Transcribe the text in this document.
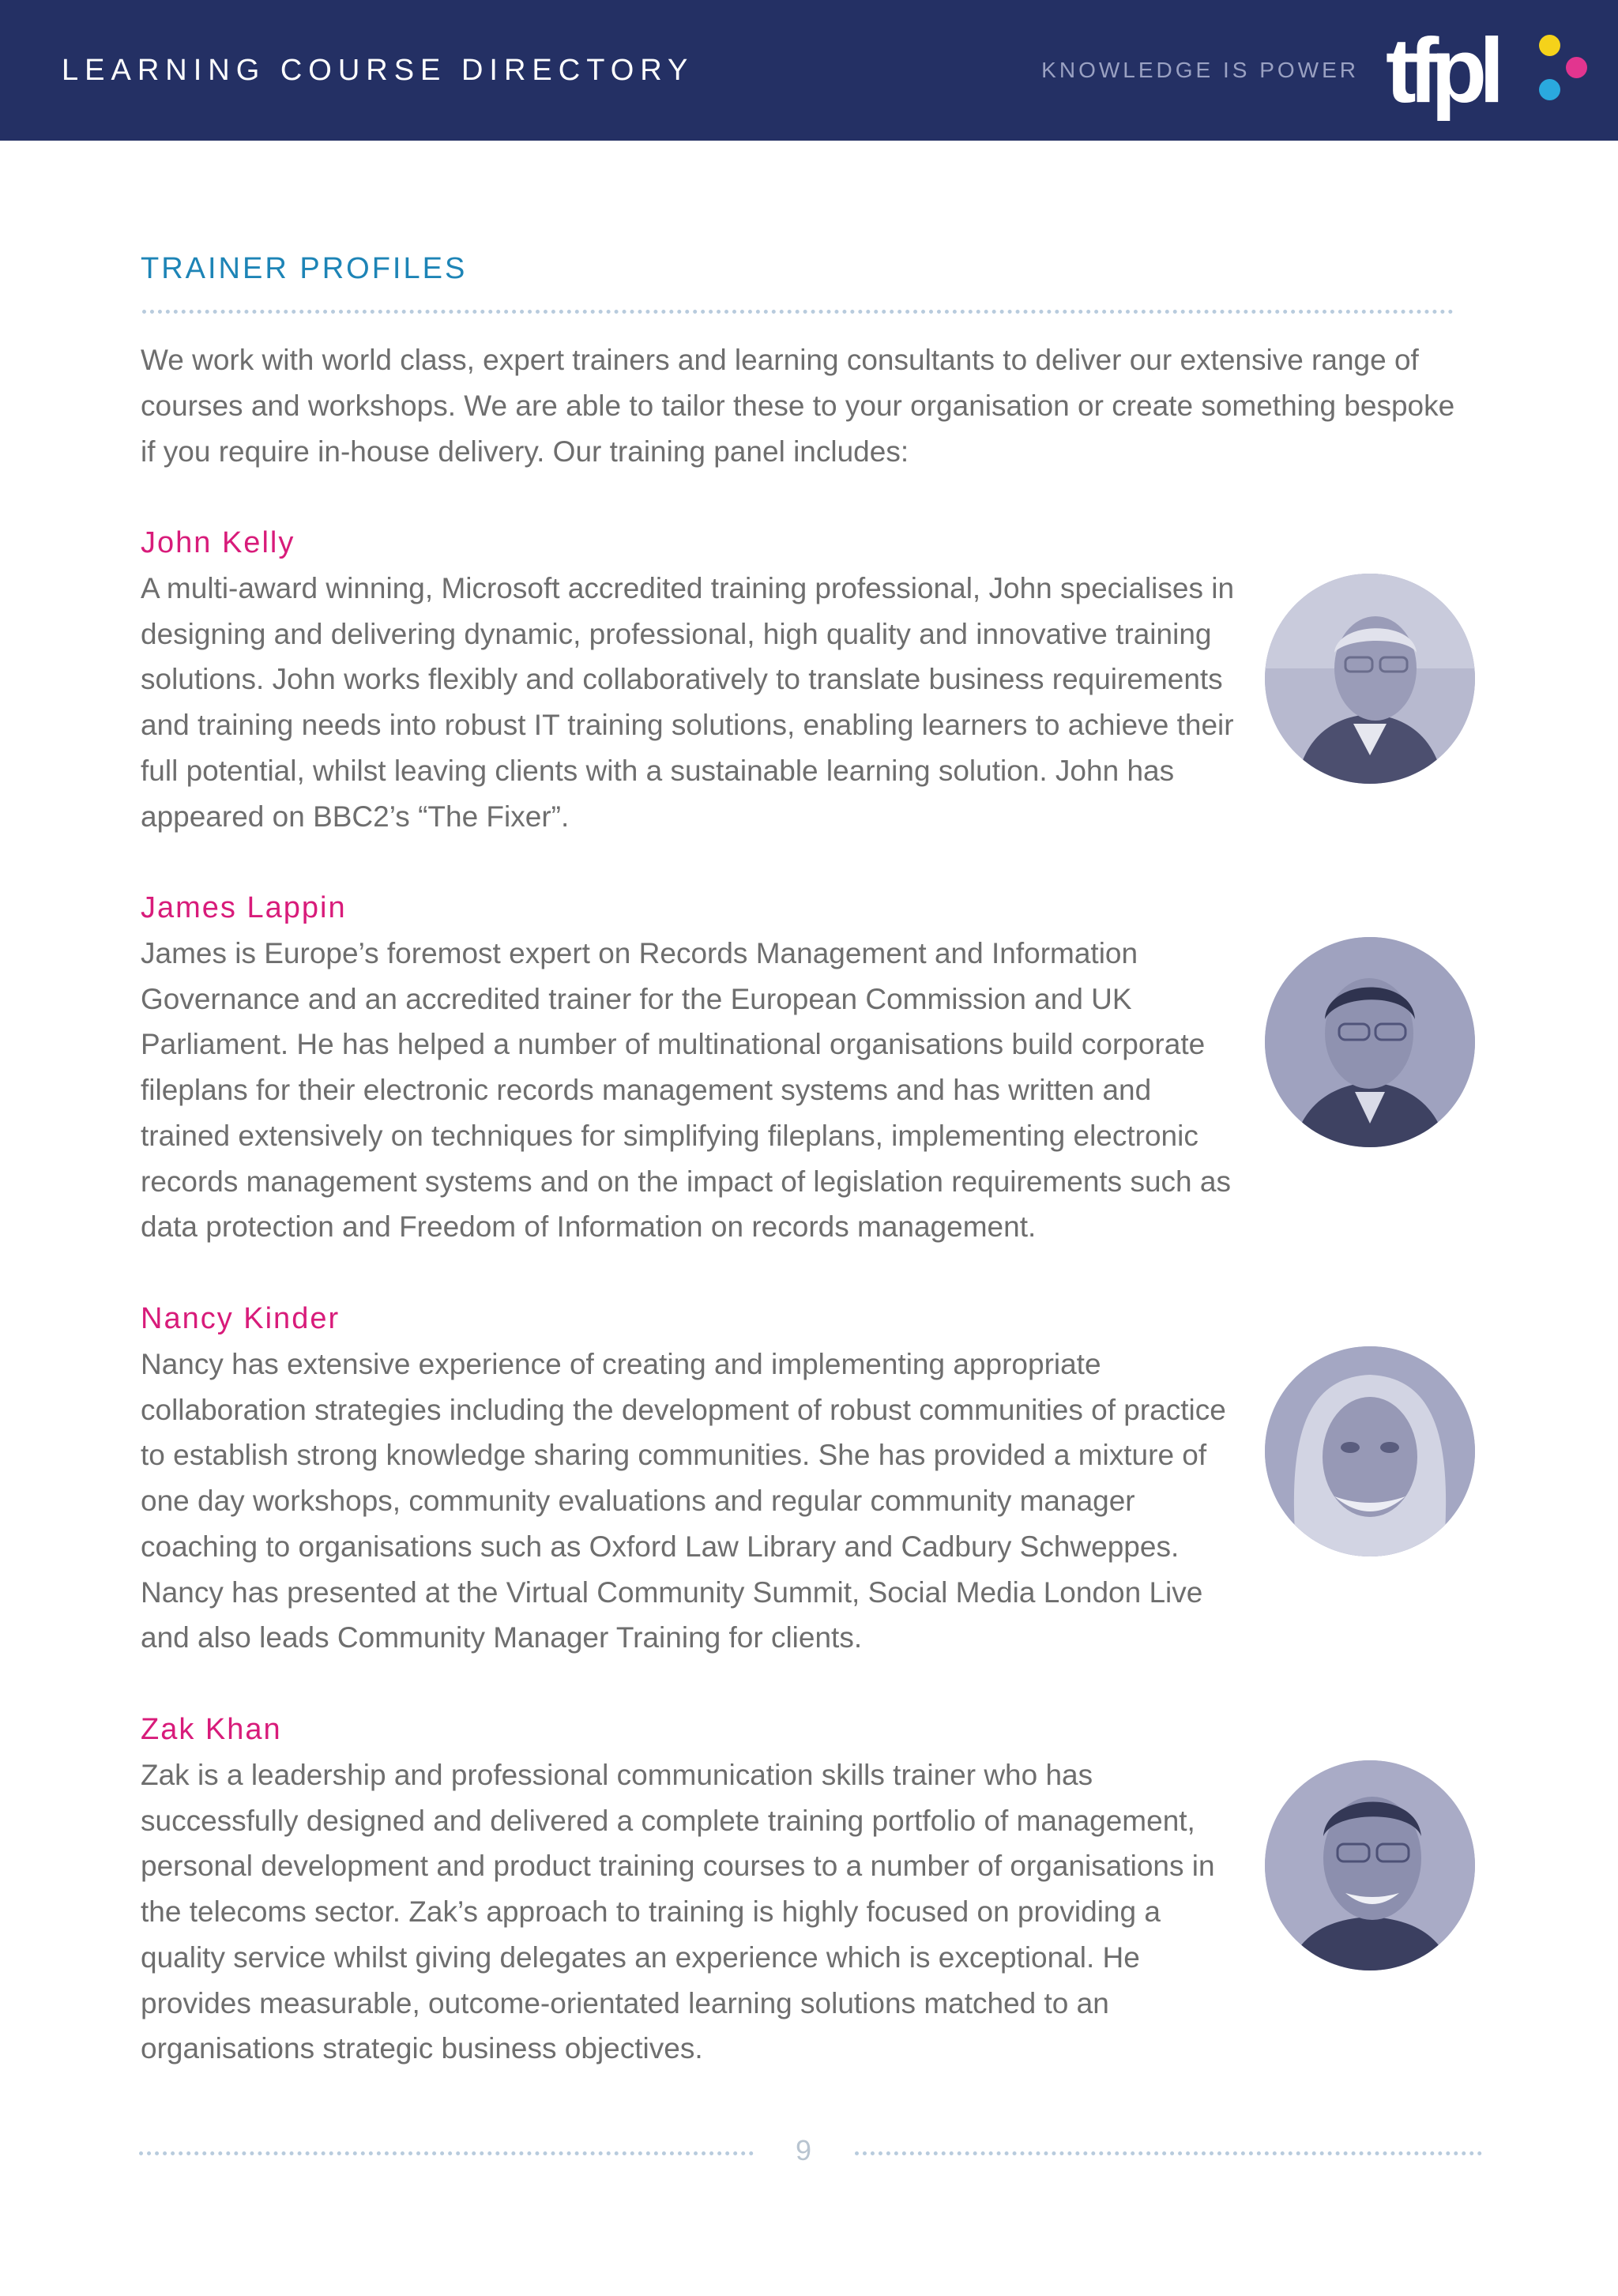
LEARNING COURSE DIRECTORY	KNOWLEDGE IS POWER tfpl
TRAINER PROFILES

We work with world class, expert trainers and learning consultants to deliver our extensive range of courses and workshops. We are able to tailor these to your organisation or create something bespoke if you require in-house delivery. Our training panel includes:

John Kelly

A multi-award winning, Microsoft accredited training professional, John specialises in designing and delivering dynamic, professional, high quality and innovative training solutions. John works flexibly and collaboratively to translate business requirements and training needs into robust IT training solutions, enabling learners to achieve their full potential, whilst leaving clients with a sustainable learning solution. John has appeared on BBC2’s “The Fixer”.

James Lappin

James is Europe’s foremost expert on Records Management and Information Governance and an accredited trainer for the European Commission and UK Parliament. He has helped a number of multinational organisations build corporate fileplans for their electronic records management systems and has written and trained extensively on techniques for simplifying fileplans, implementing electronic records management systems and on the impact of legislation requirements such as data protection and Freedom of Information on records management.

Nancy Kinder

Nancy has extensive experience of creating and implementing appropriate collaboration strategies including the development of robust communities of practice to establish strong knowledge sharing communities. She has provided a mixture of one day workshops, community evaluations and regular community manager coaching to organisations such as Oxford Law Library and Cadbury Schweppes. Nancy has presented at the Virtual Community Summit, Social Media London Live and also leads Community Manager Training for clients.

Zak Khan

Zak is a leadership and professional communication skills trainer who has successfully designed and delivered a complete training portfolio of management, personal development and product training courses to a number of organisations in the telecoms sector. Zak’s approach to training is highly focused on providing a quality service whilst giving delegates an experience which is exceptional. He provides measurable, outcome-orientated learning solutions matched to an organisations strategic business objectives.

9
